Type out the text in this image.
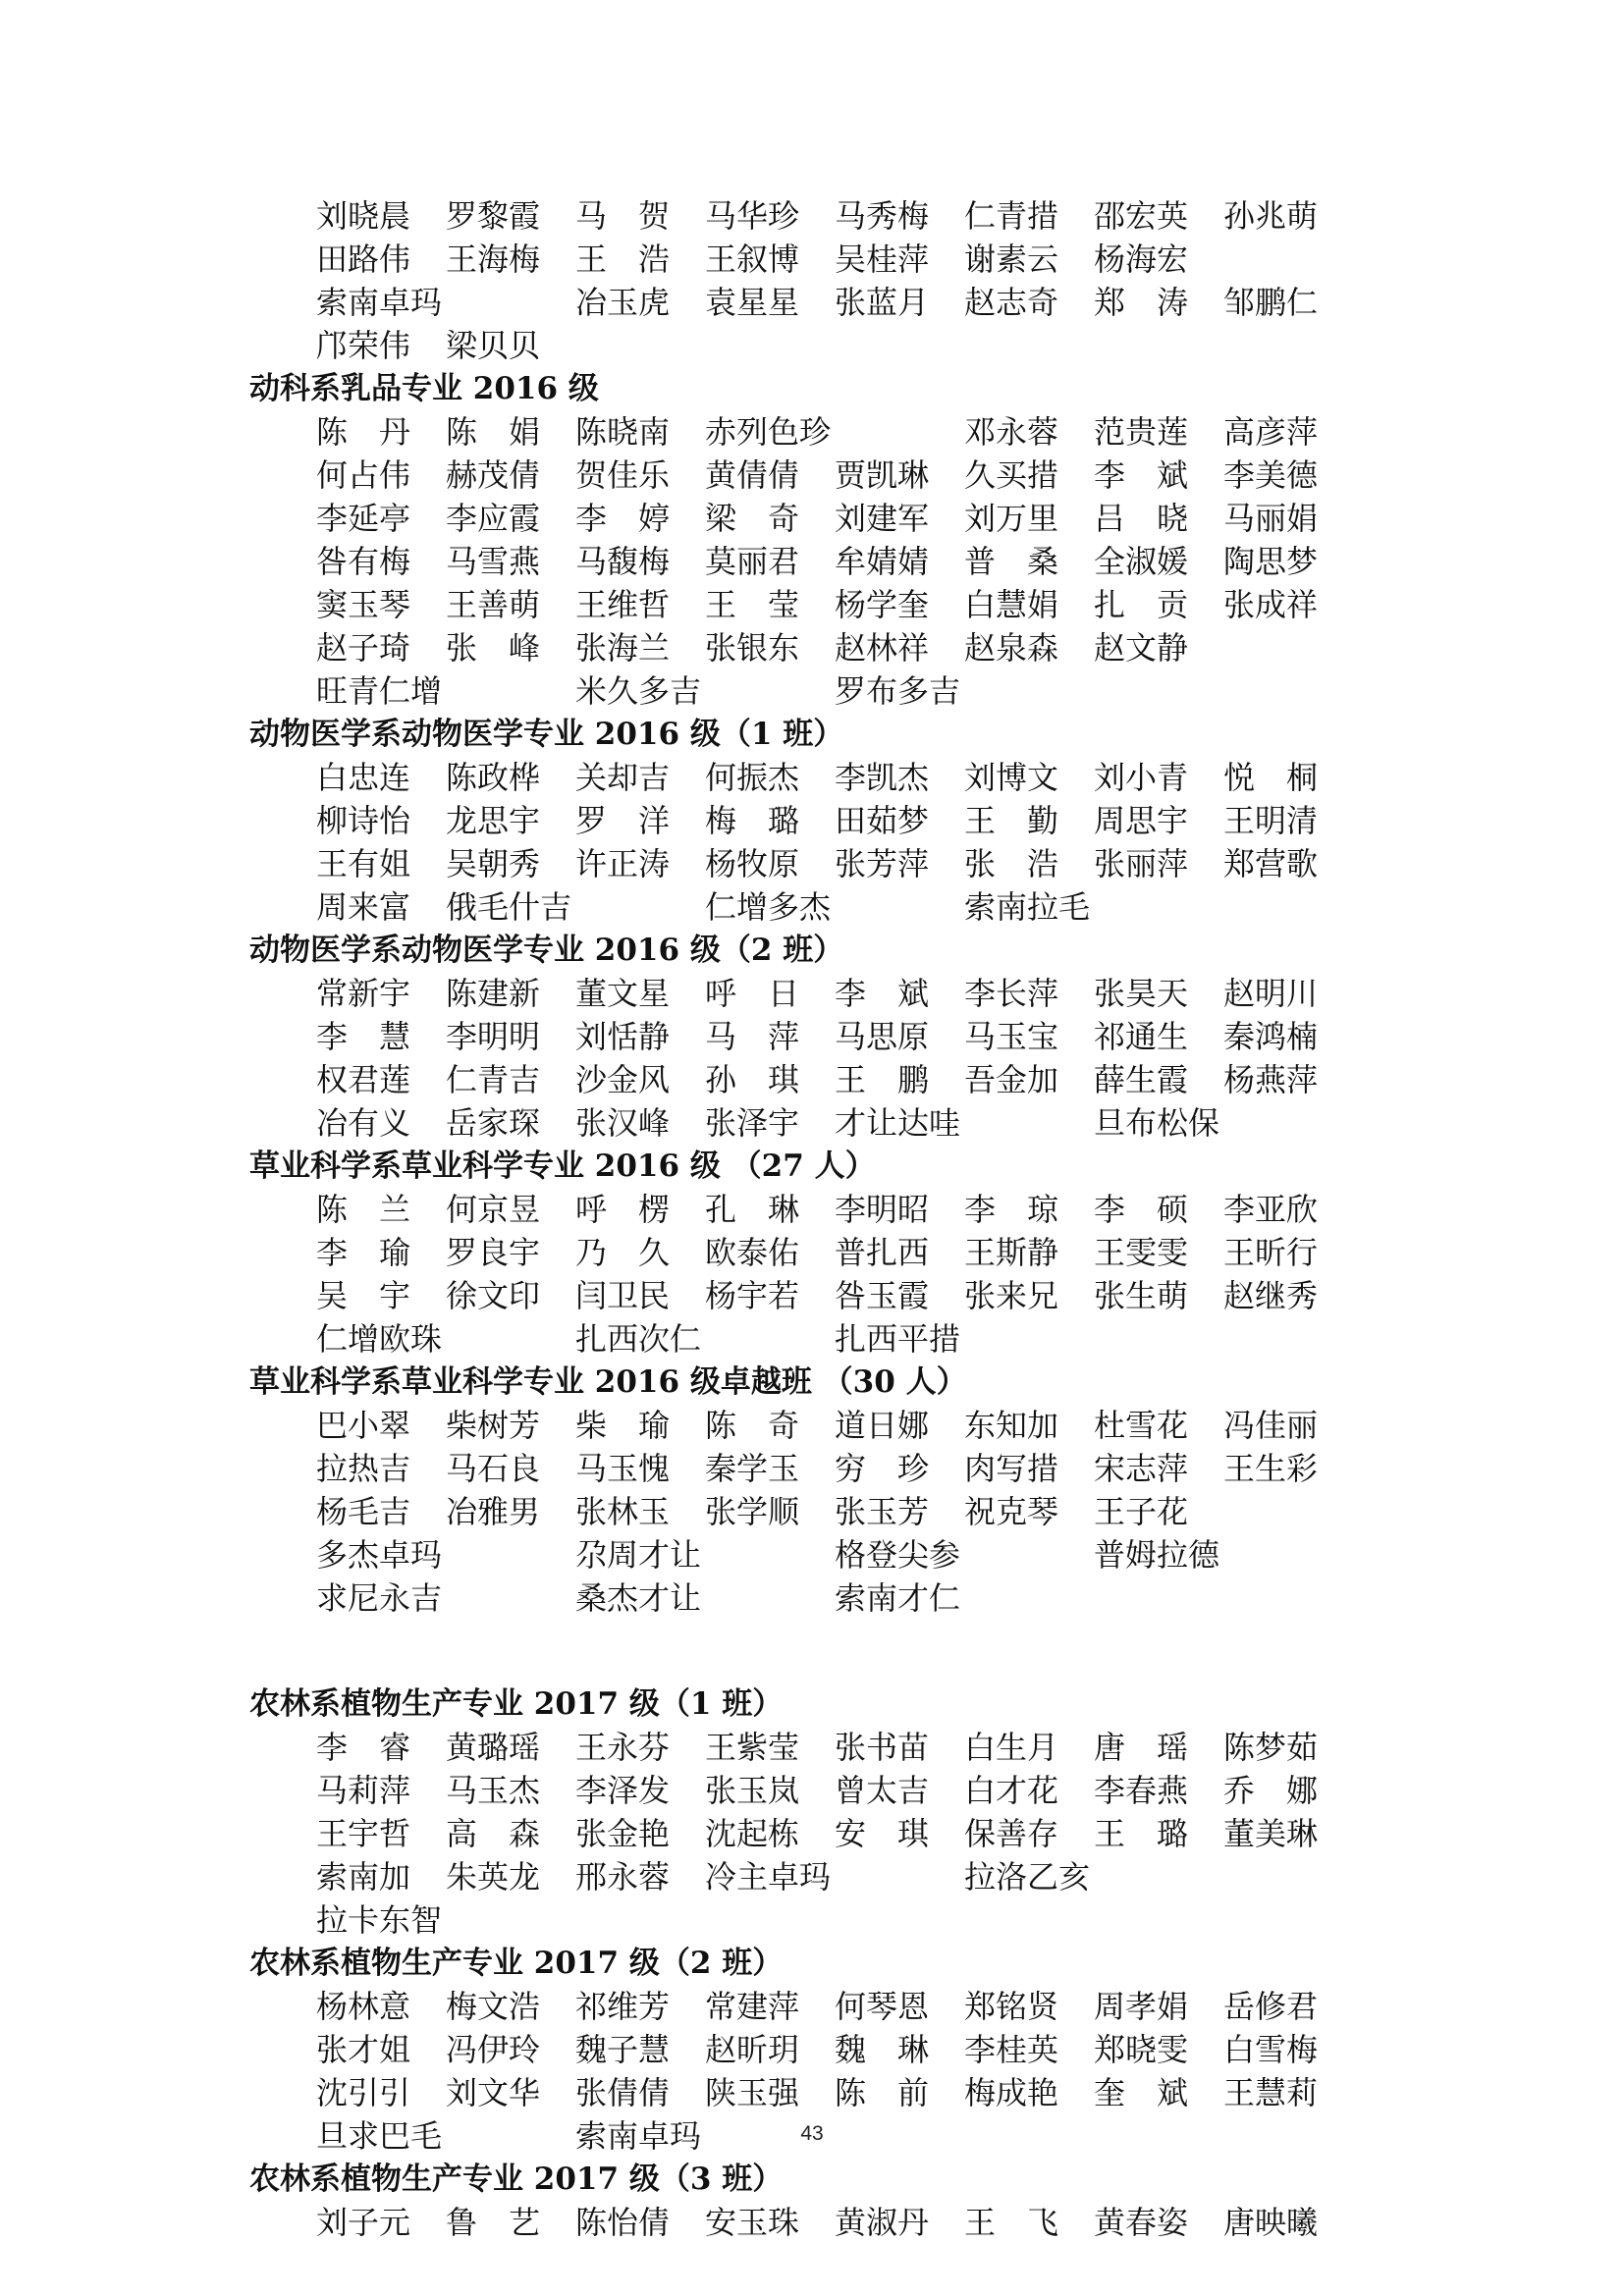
刘晓晨 罗黎霞 马 贺 马华珍 马秀梅 仁青措 邵宏英 孙兆萌
田路伟 王海梅 王 浩 王叙博 吴桂萍 谢素云 杨海宏
索南卓玛	冶玉虎 袁星星 张蓝月 赵志奇 郑 涛 邹鹏仁
邝荣伟 梁贝贝
动科系乳品专业 2016 级
陈 丹 陈 娟 陈晓南 赤列色珍	邓永蓉 范贵莲 高彦萍
何占伟 赫茂倩 贺佳乐 黄倩倩 贾凯琳 久买措 李 斌 李美德
李延亭 李应霞 李 婷 梁 奇 刘建军 刘万里 吕 晓 马丽娟
咎有梅 马雪燕 马馥梅 莫丽君 牟婧婧 普 桑 全淑媛 陶思梦
窦玉琴 王善萌 王维哲 王 莹 杨学奎 白慧娟 扎 贡 张成祥
赵子琦 张 峰 张海兰 张银东 赵林祥 赵泉森 赵文静
旺青仁增	米久多吉	罗布多吉
动物医学系动物医学专业 2016 级（1 班）
白忠连 陈政桦 关却吉 何振杰 李凯杰 刘博文 刘小青 悦 桐
柳诗怡 龙思宇 罗 洋 梅 璐 田茹梦 王 勤 周思宇 王明清
王有姐 吴朝秀 许正涛 杨牧原 张芳萍 张 浩 张丽萍 郑营歌
周来富 俄毛什吉	仁增多杰	索南拉毛
动物医学系动物医学专业 2016 级（2 班）
常新宇 陈建新 董文星 呼 日 李 斌 李长萍 张昊天 赵明川
李 慧 李明明 刘恬静 马 萍 马思原 马玉宝 祁通生 秦鸿楠
权君莲 仁青吉 沙金风 孙 琪 王 鹏 吾金加 薛生霞 杨燕萍
冶有义 岳家琛 张汉峰 张泽宇 才让达哇	旦布松保
草业科学系草业科学专业 2016 级 （27 人）
陈 兰 何京昱 呼 楞 孔 琳 李明昭 李 琼 李 硕 李亚欣
李 瑜 罗良宇 乃 久 欧泰佑 普扎西 王斯静 王雯雯 王昕行
吴 宇 徐文印 闫卫民 杨宇若 咎玉霞 张来兄 张生萌 赵继秀
仁增欧珠	扎西次仁	扎西平措
草业科学系草业科学专业 2016 级卓越班 （30 人）
巴小翠 柴树芳 柴 瑜 陈 奇 道日娜 东知加 杜雪花 冯佳丽
拉热吉 马石良 马玉愧 秦学玉 穷 珍 肉写措 宋志萍 王生彩
杨毛吉 冶雅男 张林玉 张学顺 张玉芳 祝克琴 王子花
多杰卓玛	尕周才让	格登尖参	普姆拉德
求尼永吉	桑杰才让	索南才仁
农林系植物生产专业 2017 级（1 班）
李 睿 黄璐瑶 王永芬 王紫莹 张书苗 白生月 唐 瑶 陈梦茹
马莉萍 马玉杰 李泽发 张玉岚 曾太吉 白才花 李春燕 乔 娜
王宇哲 高 森 张金艳 沈起栋 安 琪 保善存 王 璐 董美琳
索南加 朱英龙 邢永蓉 冷主卓玛	拉洛乙亥
拉卡东智
农林系植物生产专业 2017 级（2 班）
杨林意 梅文浩 祁维芳 常建萍 何琴恩 郑铭贤 周孝娟 岳修君
张才姐 冯伊玲 魏子慧 赵昕玥 魏 琳 李桂英 郑晓雯 白雪梅
沈引引 刘文华 张倩倩 陕玉强 陈 前 梅成艳 奎 斌 王慧莉
旦求巴毛	索南卓玛
农林系植物生产专业 2017 级（3 班）
刘子元 鲁 艺 陈怡倩 安玉珠 黄淑丹 王 飞 黄春姿 唐映曦
43
